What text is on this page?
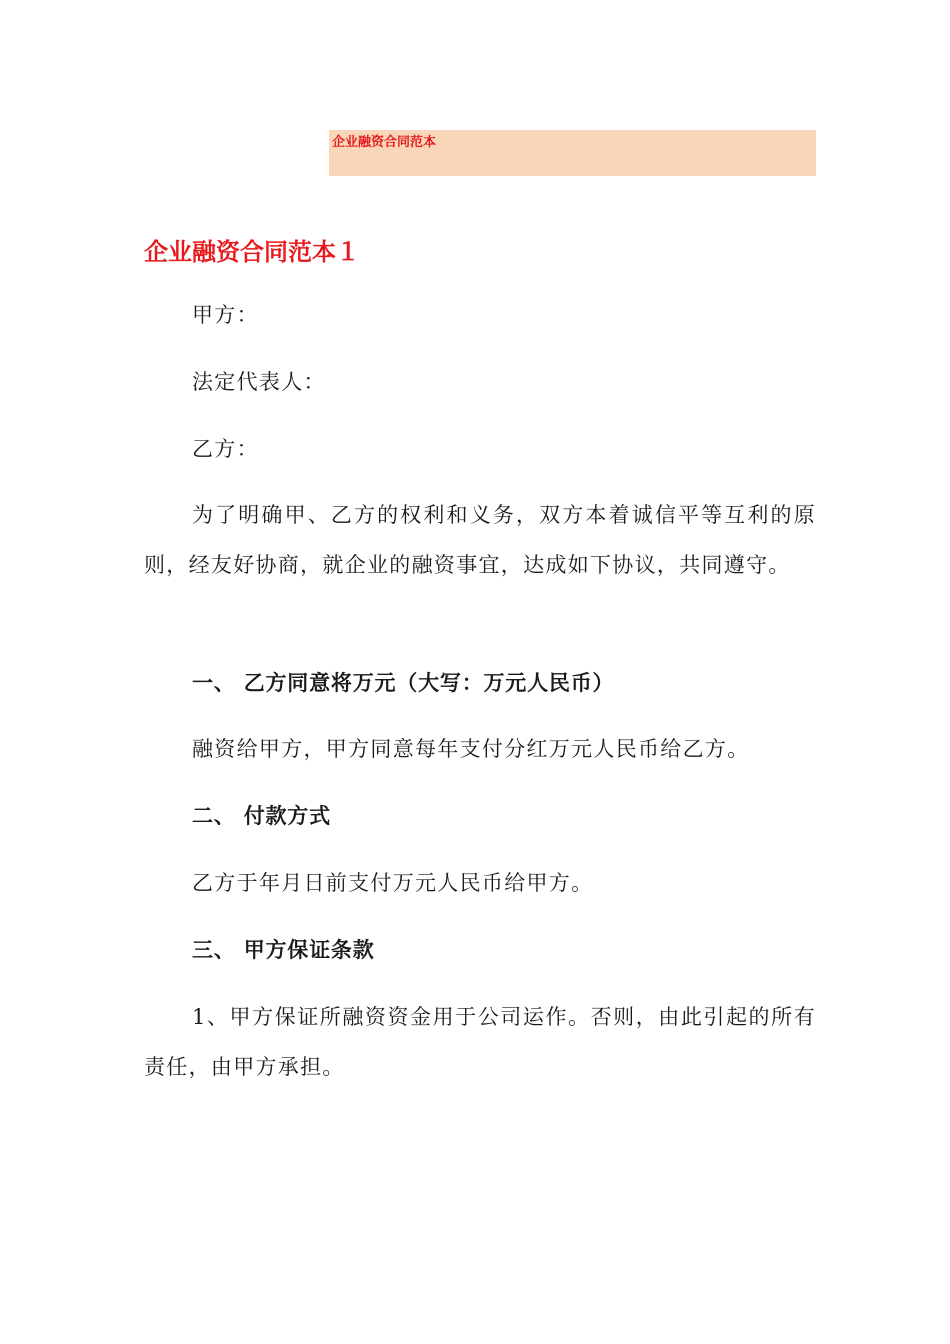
企业融资合同范本
企业融资合同范本１

甲方：

法定代表人：

乙方：

为了明确甲、乙方的权利和义务，双方本着诚信平等互利的原则，经友好协商，就企业的融资事宜，达成如下协议，共同遵守。

一、 乙方同意将万元（大写：万元人民币）

融资给甲方，甲方同意每年支付分红万元人民币给乙方。

二、 付款方式

乙方于年月日前支付万元人民币给甲方。

三、 甲方保证条款

1、甲方保证所融资资金用于公司运作。否则，由此引起的所有责任，由甲方承担。
